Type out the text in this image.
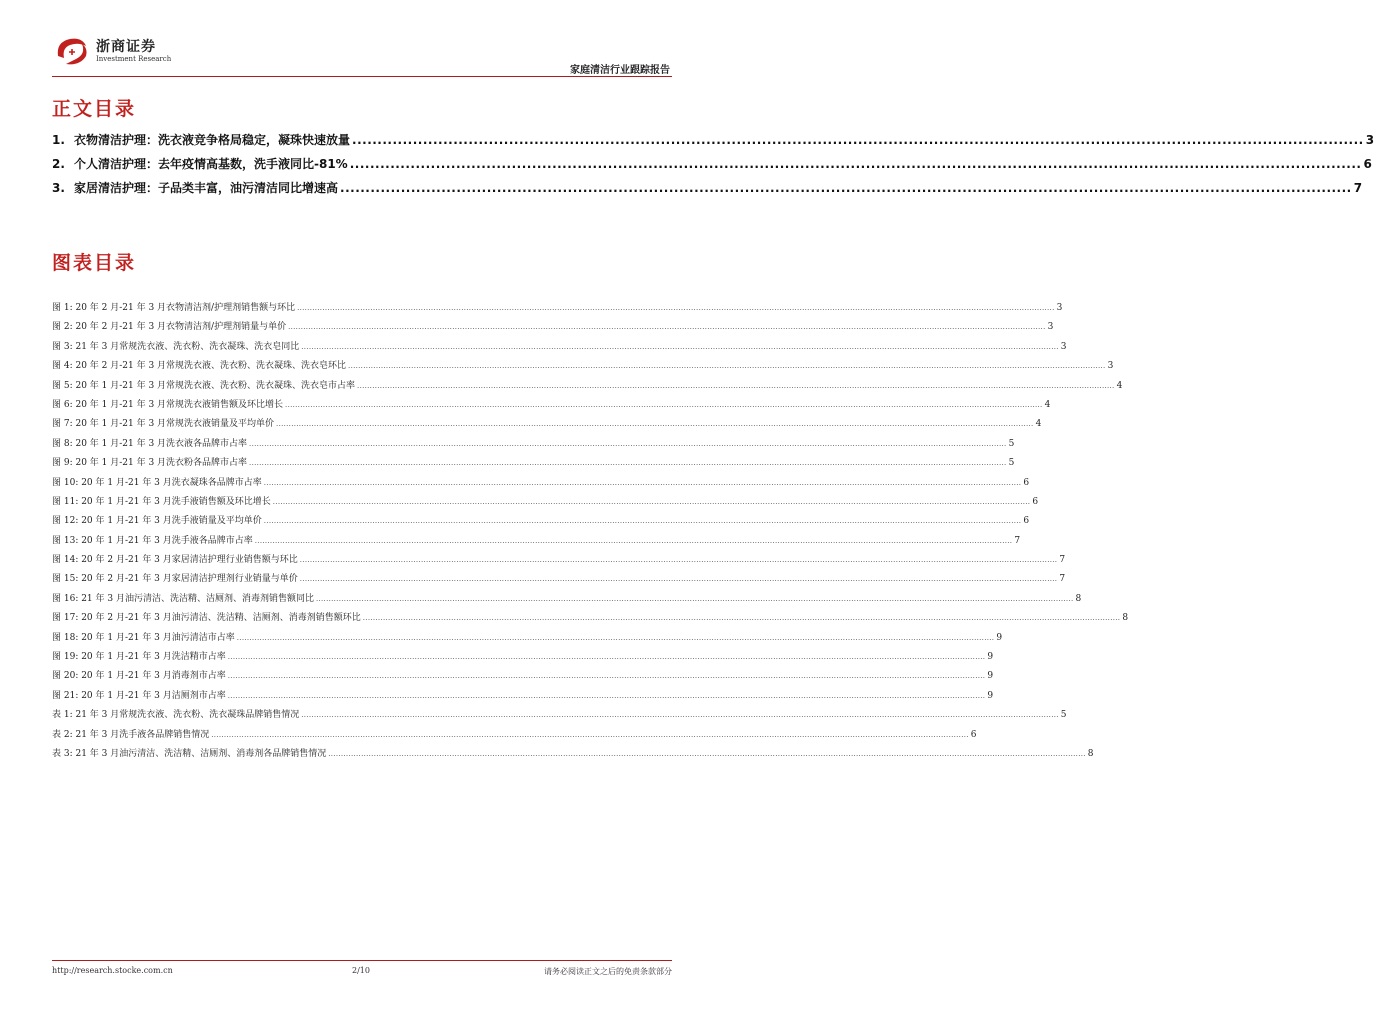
浙商证券
Investment Research
家庭清洁行业跟踪报告
正文目录
1. 衣物清洁护理：洗衣液竞争格局稳定，凝珠快速放量 ........................................................................................................................................................................................................ 3
2. 个人清洁护理：去年疫情高基数，洗手液同比-81% ........................................................................................................................................................................................................ 6
3. 家居清洁护理：子品类丰富，油污清洁同比增速高 ........................................................................................................................................................................................................ 7
图表目录
图 1: 20 年 2 月-21 年 3 月衣物清洁剂/护理剂销售额与环比 ............................................................................................................................................................................................................................................................................................................ 3
图 2: 20 年 2 月-21 年 3 月衣物清洁剂/护理剂销量与单价 ............................................................................................................................................................................................................................................................................................................ 3
图 3: 21 年 3 月常规洗衣液、洗衣粉、洗衣凝珠、洗衣皂同比 ............................................................................................................................................................................................................................................................................................................ 3
图 4: 20 年 2 月-21 年 3 月常规洗衣液、洗衣粉、洗衣凝珠、洗衣皂环比 ............................................................................................................................................................................................................................................................................................................ 3
图 5: 20 年 1 月-21 年 3 月常规洗衣液、洗衣粉、洗衣凝珠、洗衣皂市占率 ............................................................................................................................................................................................................................................................................................................ 4
图 6: 20 年 1 月-21 年 3 月常规洗衣液销售额及环比增长 ............................................................................................................................................................................................................................................................................................................ 4
图 7: 20 年 1 月-21 年 3 月常规洗衣液销量及平均单价 ............................................................................................................................................................................................................................................................................................................ 4
图 8: 20 年 1 月-21 年 3 月洗衣液各品牌市占率 ............................................................................................................................................................................................................................................................................................................ 5
图 9: 20 年 1 月-21 年 3 月洗衣粉各品牌市占率 ............................................................................................................................................................................................................................................................................................................ 5
图 10: 20 年 1 月-21 年 3 月洗衣凝珠各品牌市占率 ............................................................................................................................................................................................................................................................................................................ 6
图 11: 20 年 1 月-21 年 3 月洗手液销售额及环比增长 ............................................................................................................................................................................................................................................................................................................ 6
图 12: 20 年 1 月-21 年 3 月洗手液销量及平均单价 ............................................................................................................................................................................................................................................................................................................ 6
图 13: 20 年 1 月-21 年 3 月洗手液各品牌市占率 ............................................................................................................................................................................................................................................................................................................ 7
图 14: 20 年 2 月-21 年 3 月家居清洁护理行业销售额与环比 ............................................................................................................................................................................................................................................................................................................ 7
图 15: 20 年 2 月-21 年 3 月家居清洁护理剂行业销量与单价 ............................................................................................................................................................................................................................................................................................................ 7
图 16: 21 年 3 月油污清洁、洗洁精、洁厕剂、消毒剂销售额同比 ............................................................................................................................................................................................................................................................................................................ 8
图 17: 20 年 2 月-21 年 3 月油污清洁、洗洁精、洁厕剂、消毒剂销售额环比 ............................................................................................................................................................................................................................................................................................................ 8
图 18: 20 年 1 月-21 年 3 月油污清洁市占率 ............................................................................................................................................................................................................................................................................................................ 9
图 19: 20 年 1 月-21 年 3 月洗洁精市占率 ............................................................................................................................................................................................................................................................................................................ 9
图 20: 20 年 1 月-21 年 3 月消毒剂市占率 ............................................................................................................................................................................................................................................................................................................ 9
图 21: 20 年 1 月-21 年 3 月洁厕剂市占率 ............................................................................................................................................................................................................................................................................................................ 9
表 1: 21 年 3 月常规洗衣液、洗衣粉、洗衣凝珠品牌销售情况 ............................................................................................................................................................................................................................................................................................................ 5
表 2: 21 年 3 月洗手液各品牌销售情况 ............................................................................................................................................................................................................................................................................................................ 6
表 3: 21 年 3 月油污清洁、洗洁精、洁厕剂、消毒剂各品牌销售情况 ............................................................................................................................................................................................................................................................................................................ 8
http://research.stocke.com.cn	2/10	请务必阅读正文之后的免责条款部分
